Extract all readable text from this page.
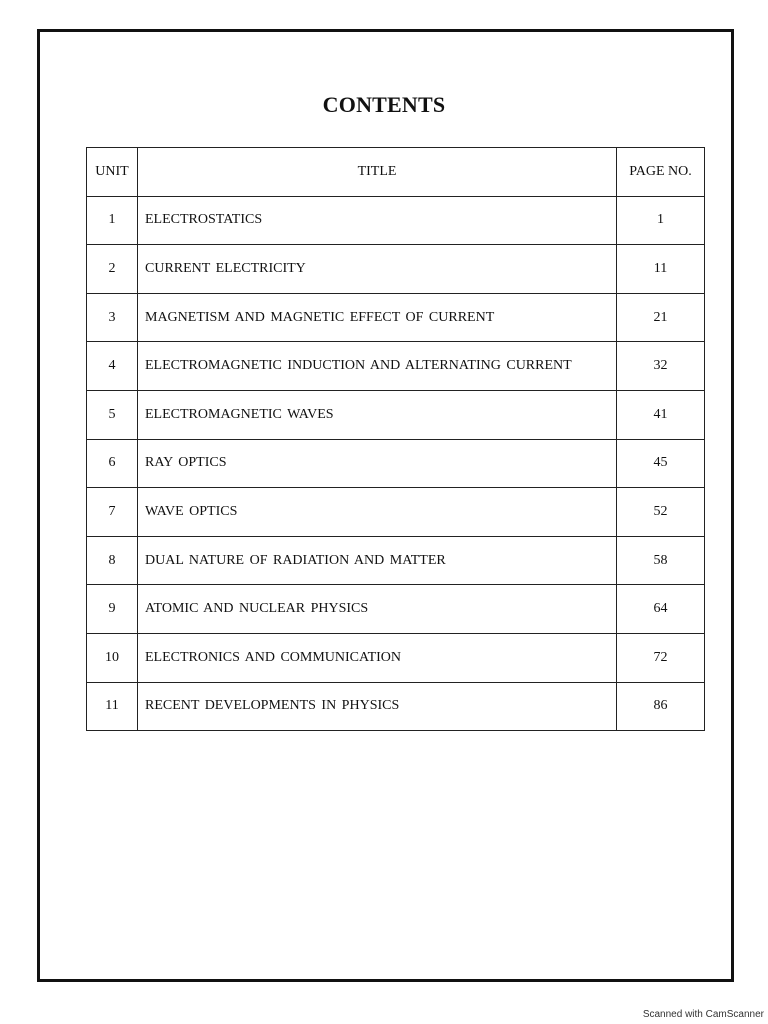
CONTENTS
UNIT	TITLE	PAGE NO.
1	ELECTROSTATICS	1
2	CURRENT ELECTRICITY	11
3	MAGNETISM AND MAGNETIC EFFECT OF CURRENT	21
4	ELECTROMAGNETIC INDUCTION AND ALTERNATING CURRENT	32
5	ELECTROMAGNETIC WAVES	41
6	RAY OPTICS	45
7	WAVE OPTICS	52
8	DUAL NATURE OF RADIATION AND MATTER	58
9	ATOMIC AND NUCLEAR PHYSICS	64
10	ELECTRONICS AND COMMUNICATION	72
11	RECENT DEVELOPMENTS IN PHYSICS	86
Scanned with CamScanner
